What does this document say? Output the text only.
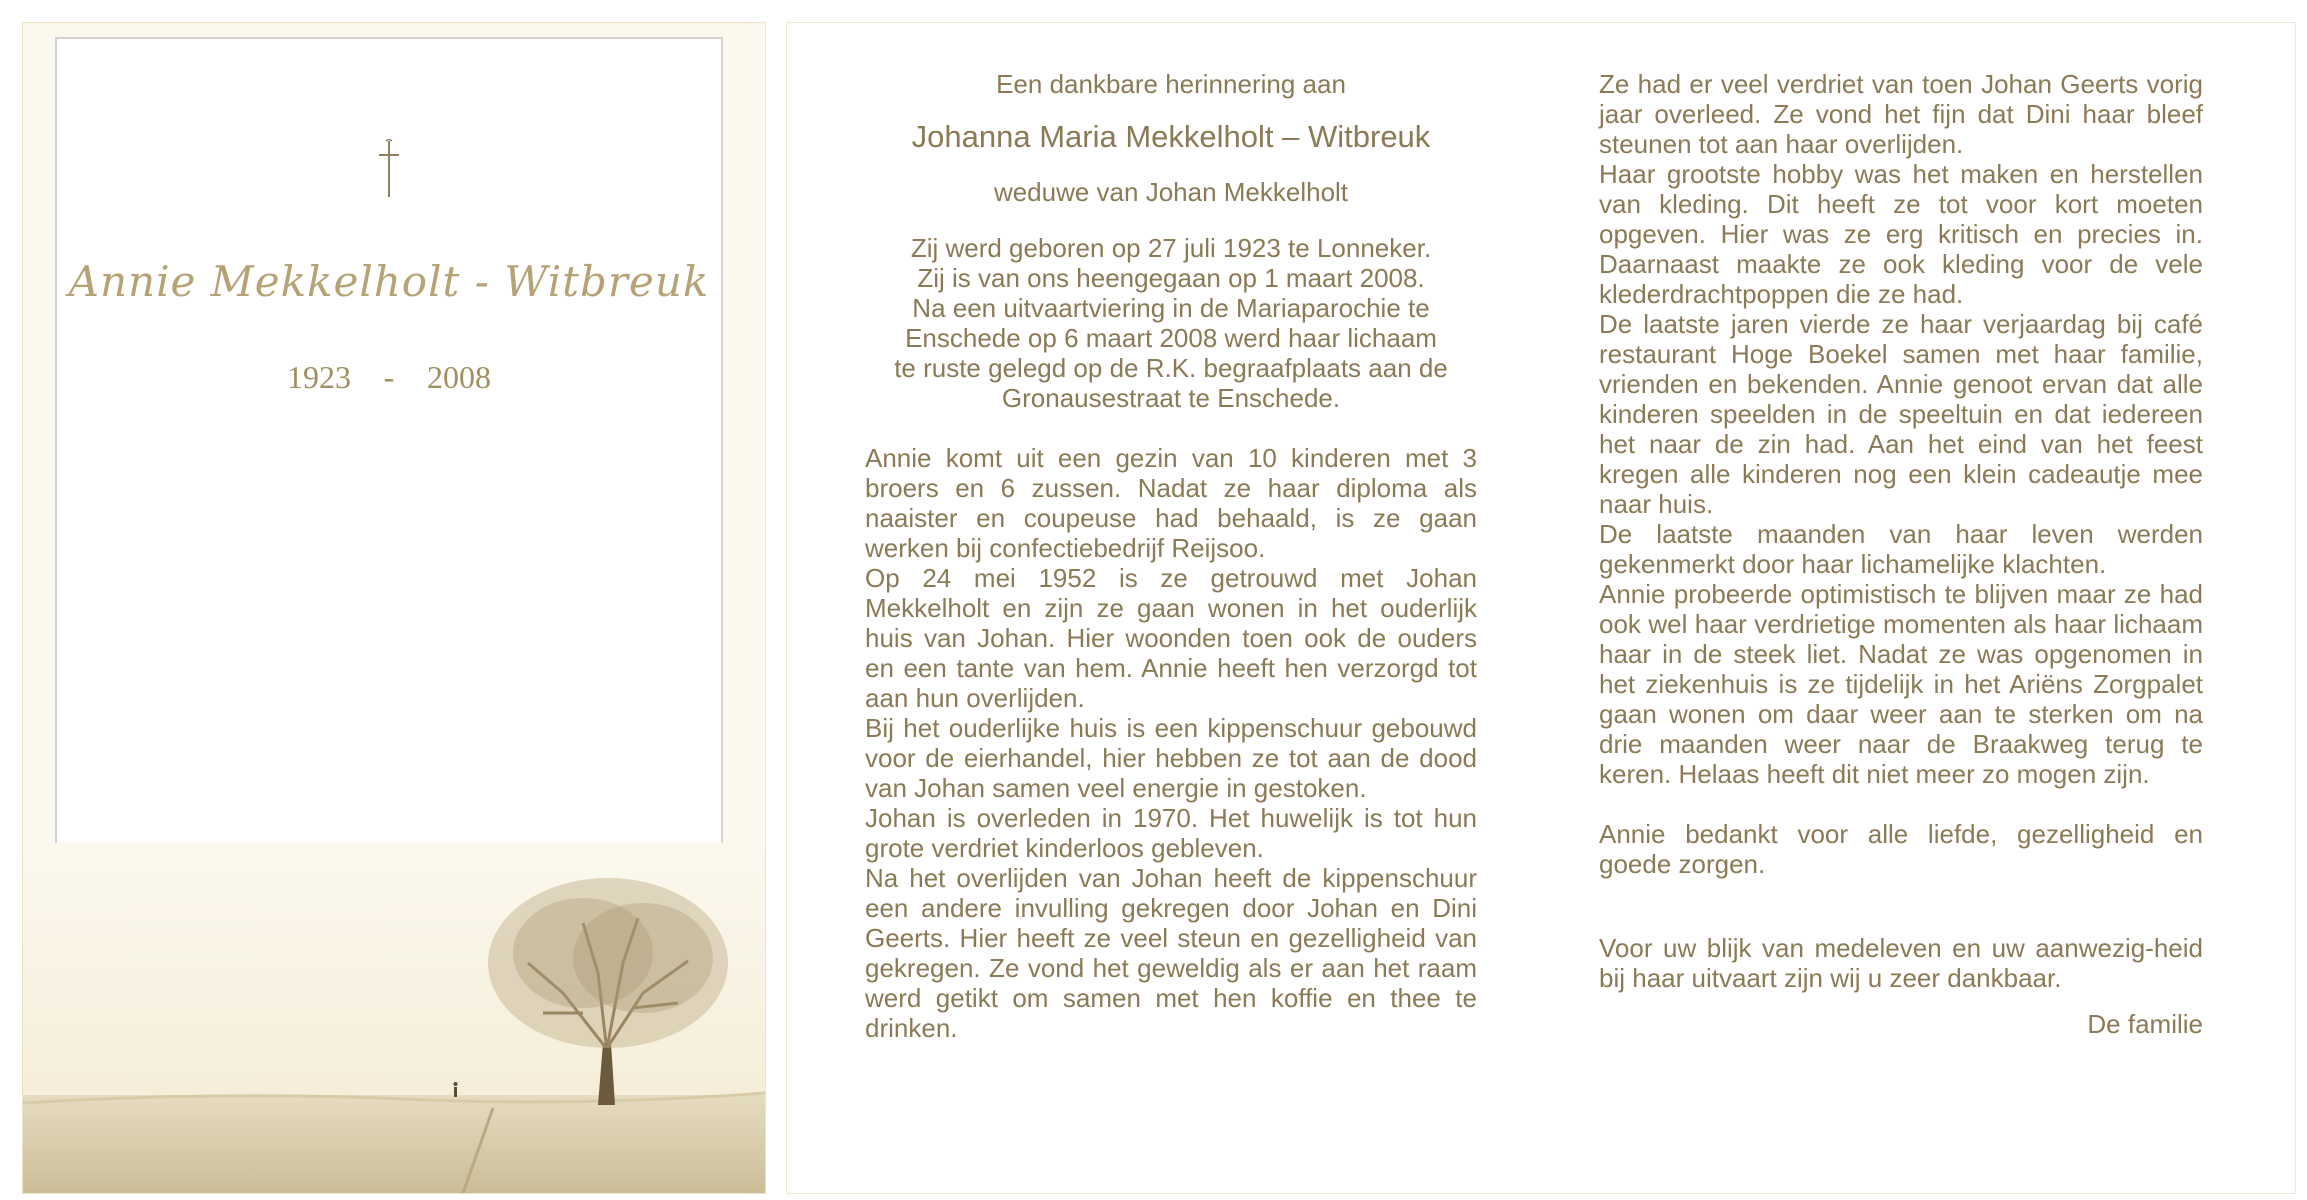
Annie Mekkelholt - Witbreuk
1923 - 2008
Een dankbare herinnering aan
Johanna Maria Mekkelholt – Witbreuk
weduwe van Johan Mekkelholt
Zij werd geboren op 27 juli 1923 te Lonneker.
Zij is van ons heengegaan op 1 maart 2008.
Na een uitvaartviering in de Mariaparochie te
Enschede op 6 maart 2008 werd haar lichaam
te ruste gelegd op de R.K. begraafplaats aan de
Gronausestraat te Enschede.

Annie komt uit een gezin van 10 kinderen met 3 broers en 6 zussen. Nadat ze haar diploma als naaister en coupeuse had behaald, is ze gaan werken bij confectiebedrijf Reijsoo.

Op 24 mei 1952 is ze getrouwd met Johan Mekkelholt en zijn ze gaan wonen in het ouderlijk huis van Johan. Hier woonden toen ook de ouders en een tante van hem. Annie heeft hen verzorgd tot aan hun overlijden.

Bij het ouderlijke huis is een kippenschuur gebouwd voor de eierhandel, hier hebben ze tot aan de dood van Johan samen veel energie in gestoken.

Johan is overleden in 1970. Het huwelijk is tot hun grote verdriet kinderloos gebleven.

Na het overlijden van Johan heeft de kippenschuur een andere invulling gekregen door Johan en Dini Geerts. Hier heeft ze veel steun en gezelligheid van gekregen. Ze vond het geweldig als er aan het raam werd getikt om samen met hen koffie en thee te drinken.

Ze had er veel verdriet van toen Johan Geerts vorig jaar overleed. Ze vond het fijn dat Dini haar bleef steunen tot aan haar overlijden.

Haar grootste hobby was het maken en herstellen van kleding. Dit heeft ze tot voor kort moeten opgeven. Hier was ze erg kritisch en precies in. Daarnaast maakte ze ook kleding voor de vele klederdrachtpoppen die ze had.

De laatste jaren vierde ze haar verjaardag bij café restaurant Hoge Boekel samen met haar familie, vrienden en bekenden. Annie genoot ervan dat alle kinderen speelden in de speeltuin en dat iedereen het naar de zin had. Aan het eind van het feest kregen alle kinderen nog een klein cadeautje mee naar huis.

De laatste maanden van haar leven werden gekenmerkt door haar lichamelijke klachten.

Annie probeerde optimistisch te blijven maar ze had ook wel haar verdrietige momenten als haar lichaam haar in de steek liet. Nadat ze was opgenomen in het ziekenhuis is ze tijdelijk in het Ariëns Zorgpalet gaan wonen om daar weer aan te sterken om na drie maanden weer naar de Braakweg terug te keren. Helaas heeft dit niet meer zo mogen zijn.

Annie bedankt voor alle liefde, gezelligheid en goede zorgen.

Voor uw blijk van medeleven en uw aanwezig-heid bij haar uitvaart zijn wij u zeer dankbaar.

De familie
